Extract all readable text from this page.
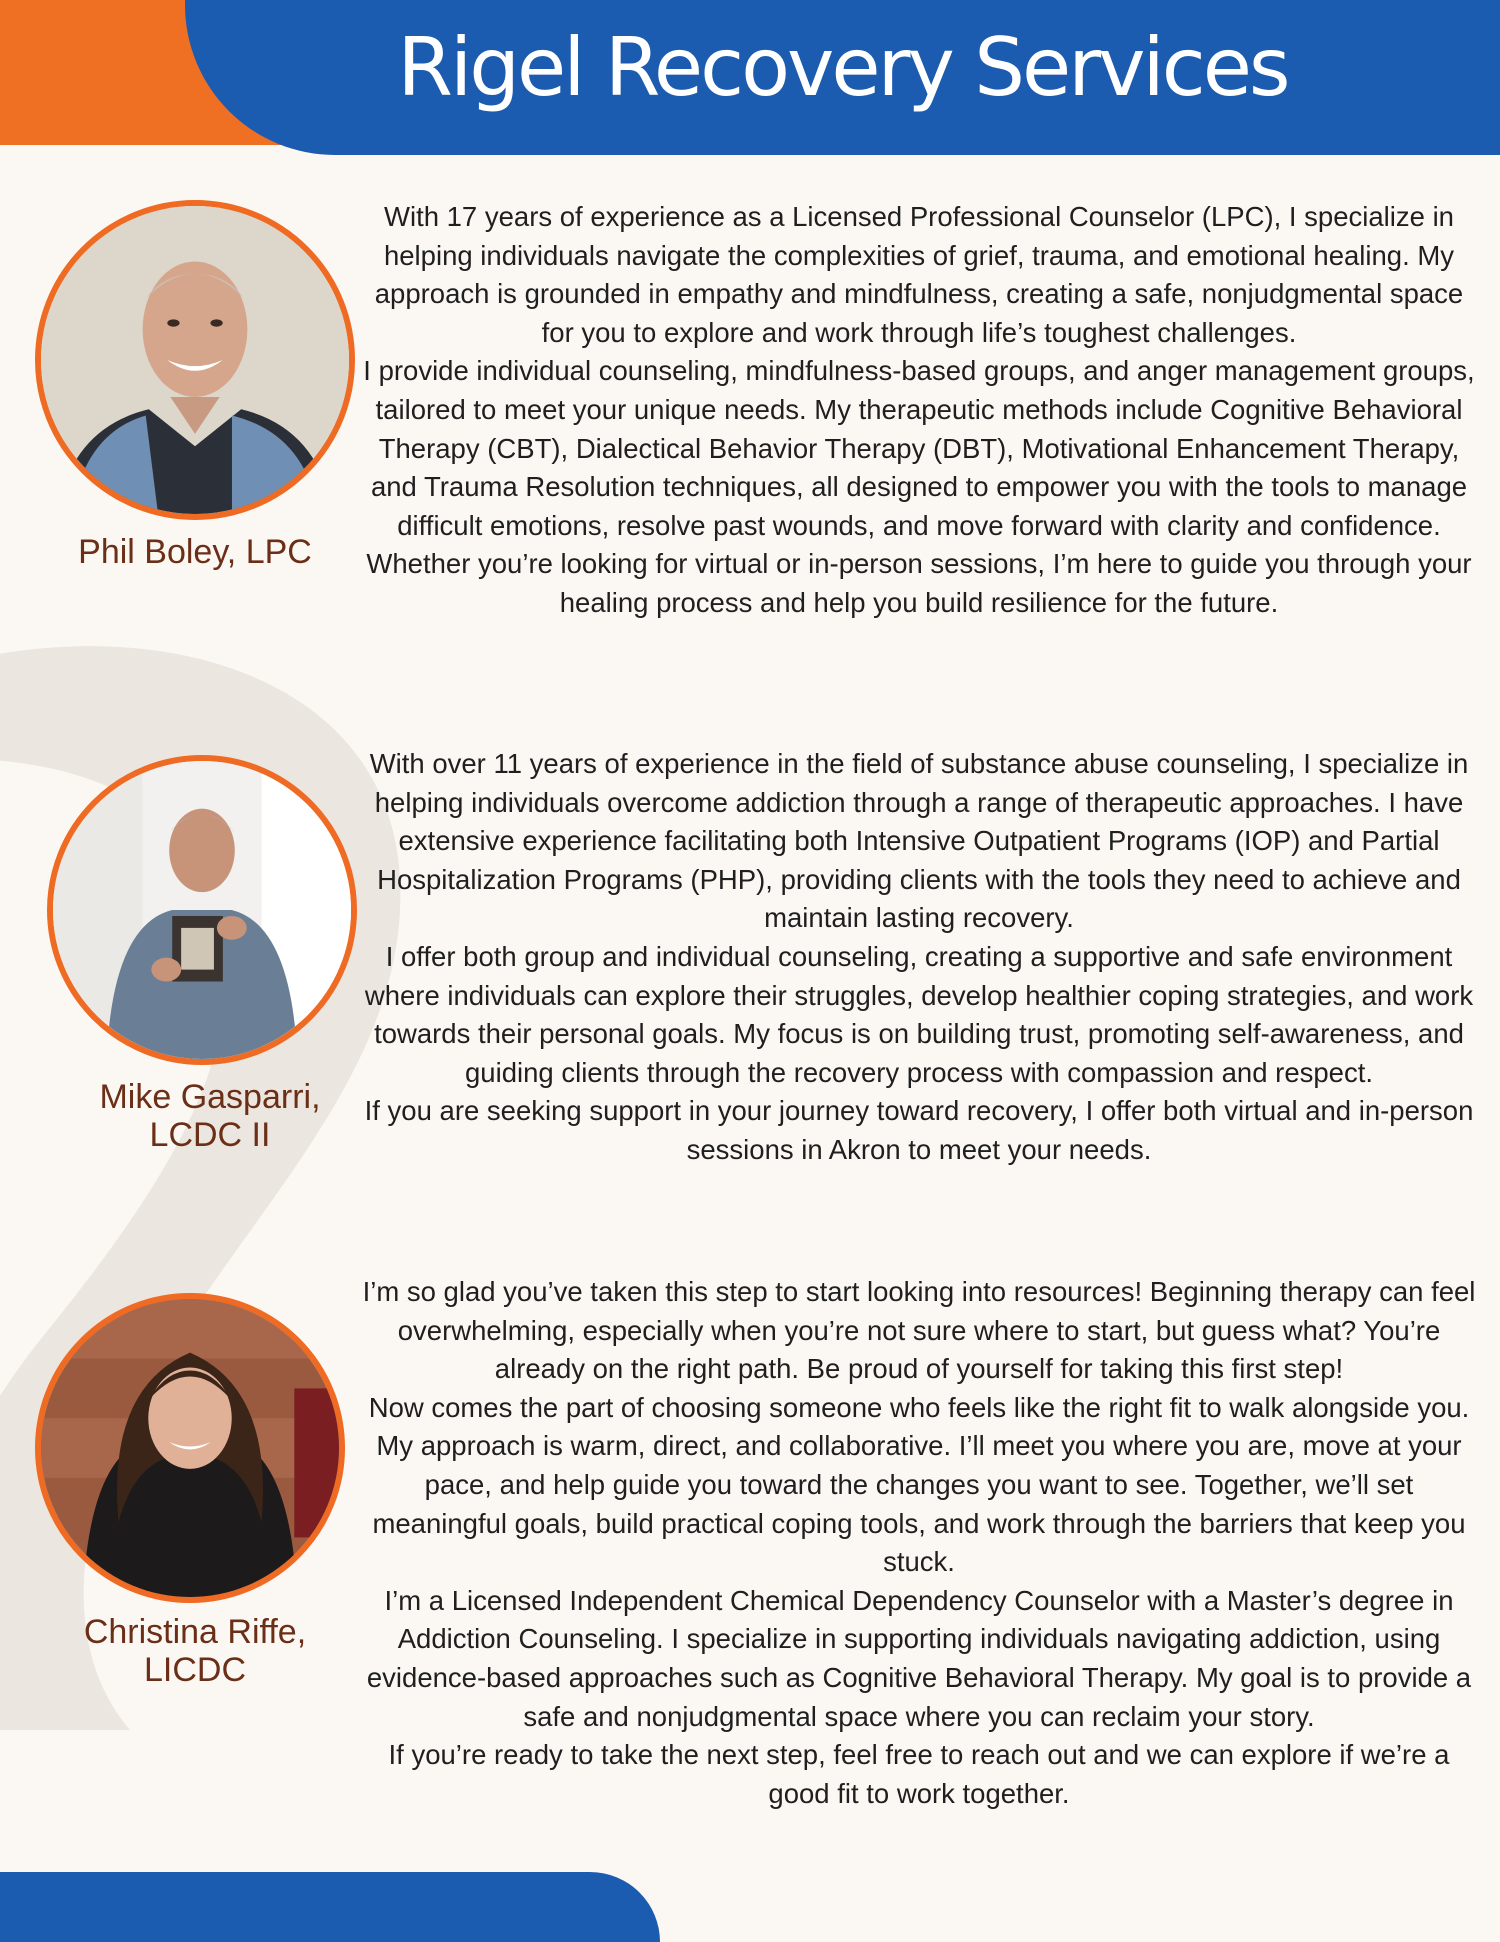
Rigel Recovery Services

Phil Boley, LPC

With 17 years of experience as a Licensed Professional Counselor (LPC), I specialize in helping individuals navigate the complexities of grief, trauma, and emotional healing. My approach is grounded in empathy and mindfulness, creating a safe, nonjudgmental space for you to explore and work through life’s toughest challenges.

I provide individual counseling, mindfulness-based groups, and anger management groups, tailored to meet your unique needs. My therapeutic methods include Cognitive Behavioral Therapy (CBT), Dialectical Behavior Therapy (DBT), Motivational Enhancement Therapy, and Trauma Resolution techniques, all designed to empower you with the tools to manage difficult emotions, resolve past wounds, and move forward with clarity and confidence. Whether you’re looking for virtual or in-person sessions, I’m here to guide you through your healing process and help you build resilience for the future.

Mike Gasparri,
LCDC II

With over 11 years of experience in the field of substance abuse counseling, I specialize in helping individuals overcome addiction through a range of therapeutic approaches. I have extensive experience facilitating both Intensive Outpatient Programs (IOP) and Partial Hospitalization Programs (PHP), providing clients with the tools they need to achieve and maintain lasting recovery.

I offer both group and individual counseling, creating a supportive and safe environment where individuals can explore their struggles, develop healthier coping strategies, and work towards their personal goals. My focus is on building trust, promoting self-awareness, and guiding clients through the recovery process with compassion and respect.

If you are seeking support in your journey toward recovery, I offer both virtual and in-person sessions in Akron to meet your needs.

Christina Riffe,
LICDC

I’m so glad you’ve taken this step to start looking into resources! Beginning therapy can feel overwhelming, especially when you’re not sure where to start, but guess what? You’re already on the right path. Be proud of yourself for taking this first step!

Now comes the part of choosing someone who feels like the right fit to walk alongside you. My approach is warm, direct, and collaborative. I’ll meet you where you are, move at your pace, and help guide you toward the changes you want to see. Together, we’ll set meaningful goals, build practical coping tools, and work through the barriers that keep you stuck.

I’m a Licensed Independent Chemical Dependency Counselor with a Master’s degree in Addiction Counseling. I specialize in supporting individuals navigating addiction, using evidence-based approaches such as Cognitive Behavioral Therapy. My goal is to provide a safe and nonjudgmental space where you can reclaim your story.

If you’re ready to take the next step, feel free to reach out and we can explore if we’re a good fit to work together.
